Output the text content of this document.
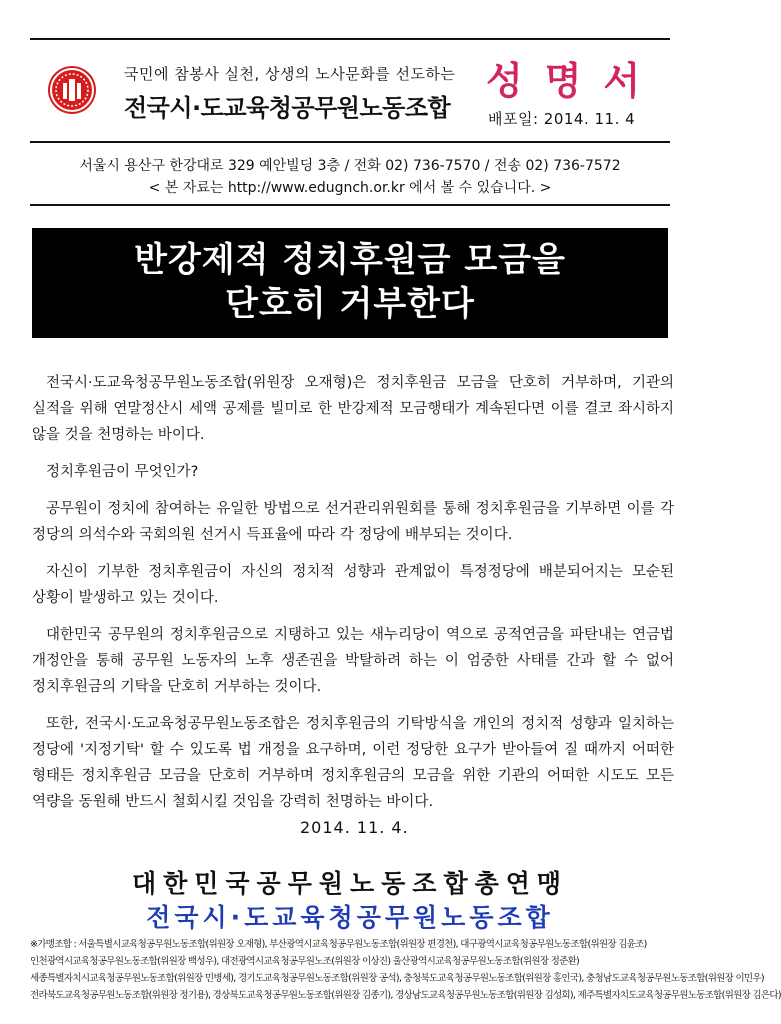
국민에 참봉사 실천, 상생의 노사문화를 선도하는
전국시·도교육청공무원노동조합
성명서
배포일: 2014. 11. 4
서울시 용산구 한강대로 329 예안빌딩 3층 / 전화 02) 736-7570 / 전송 02) 736-7572
< 본 자료는 http://www.edugnch.or.kr 에서 볼 수 있습니다. >
반강제적 정치후원금 모금을
단호히 거부한다

전국시·도교육청공무원노동조합(위원장 오재형)은 정치후원금 모금을 단호히 거부하며, 기관의 실적을 위해 연말정산시 세액 공제를 빌미로 한 반강제적 모금행태가 계속된다면 이를 결코 좌시하지 않을 것을 천명하는 바이다.

정치후원금이 무엇인가?

공무원이 정치에 참여하는 유일한 방법으로 선거관리위원회를 통해 정치후원금을 기부하면 이를 각 정당의 의석수와 국회의원 선거시 득표율에 따라 각 정당에 배부되는 것이다.

자신이 기부한 정치후원금이 자신의 정치적 성향과 관계없이 특정정당에 배분되어지는 모순된 상황이 발생하고 있는 것이다.

대한민국 공무원의 정치후원금으로 지탱하고 있는 새누리당이 역으로 공적연금을 파탄내는 연금법 개정안을 통해 공무원 노동자의 노후 생존권을 박탈하려 하는 이 엄중한 사태를 간과 할 수 없어 정치후원금의 기탁을 단호히 거부하는 것이다.

또한, 전국시·도교육청공무원노동조합은 정치후원금의 기탁방식을 개인의 정치적 성향과 일치하는 정당에 '지정기탁' 할 수 있도록 법 개정을 요구하며, 이런 정당한 요구가 받아들여 질 때까지 어떠한 형태든 정치후원금 모금을 단호히 거부하며 정치후원금의 모금을 위한 기관의 어떠한 시도도 모든 역량을 동원해 반드시 철회시킬 것임을 강력히 천명하는 바이다.

2014. 11. 4.
대한민국공무원노동조합총연맹
전국시·도교육청공무원노동조합
※가맹조합 : 서울특별시교육청공무원노동조합(위원장 오재형), 부산광역시교육청공무원노동조합(위원장 편경천), 대구광역시교육청공무원노동조합(위원장 김윤조)
인천광역시교육청공무원노동조합(위원장 백성우), 대전광역시교육청공무원노조(위원장 이상진) 울산광역시교육청공무원노동조합(위원장 정준환)
세종특별자치시교육청공무원노동조합(위원장 민병세), 경기도교육청공무원노동조합(위원장 공석), 충청북도교육청공무원노동조합(위원장 홍인국), 충청남도교육청공무원노동조합(위원장 이민우)
전라북도교육청공무원노동조합(위원장 정기용), 경상북도교육청공무원노동조합(위원장 김종기), 경상남도교육청공무원노동조합(위원장 김성회), 제주특별자치도교육청공무원노동조합(위원장 김은다)
